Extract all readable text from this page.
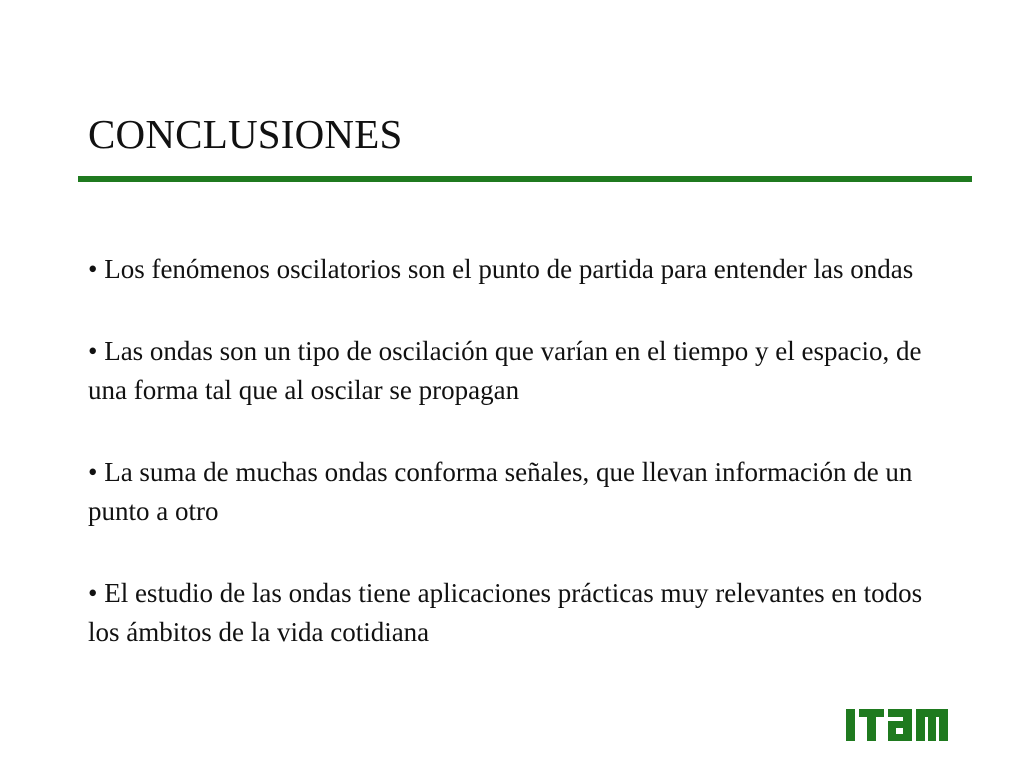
CONCLUSIONES
• Los fenómenos oscilatorios son el punto de partida para entender las ondas
• Las ondas son un tipo de oscilación que varían en el tiempo y el espacio, de una forma tal que al oscilar se propagan
• La suma de muchas ondas conforma señales, que llevan información de un punto a otro
• El estudio de las ondas tiene aplicaciones prácticas muy relevantes en todos los ámbitos de la vida cotidiana
